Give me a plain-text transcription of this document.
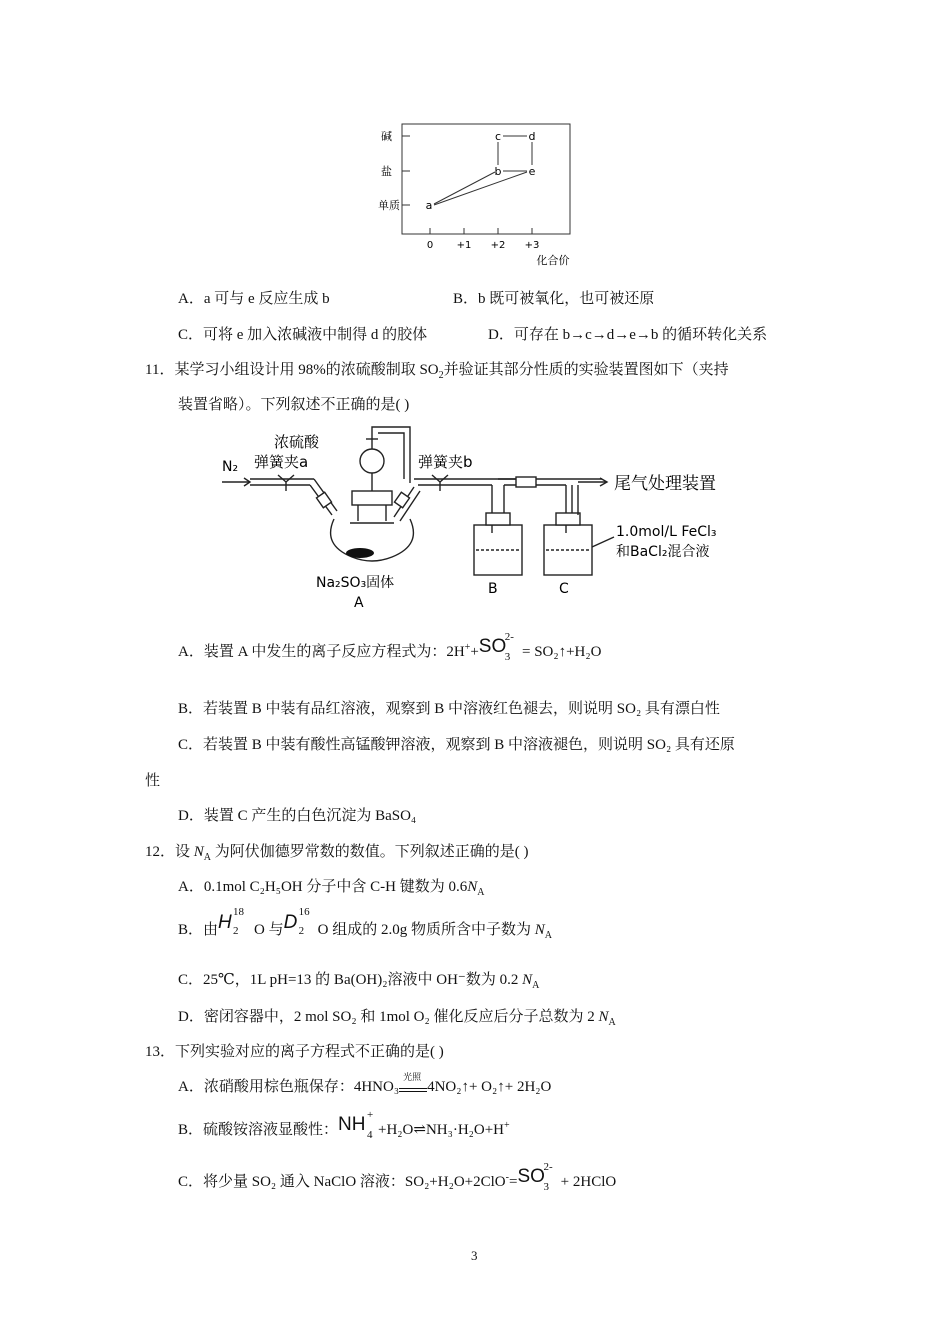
碱
盐
单质
0 +1 +2 +3
化合价
a
b
c d
e
A．a 可与 e 反应生成 b	B．b 既可被氧化，也可被还原
C．可将 e 加入浓碱液中制得 d 的胶体	D．可存在 b→c→d→e→b 的循环转化关系
11．某学习小组设计用 98%的浓硫酸制取 $SO_2$并验证其部分性质的实验装置图如下（夹持
装置省略）。下列叙述不正确的是( )
N₂
浓硫酸
弹簧夹a	弹簧夹b
尾气处理装置
Na₂SO₃固体
A
B	C
1.0mol/L FeCl₃
和BaCl₂混合液
A．装置 A 中发生的离子反应方程式为：2H++SO
3
2-
= SO₂↑+H₂O
B．若装置 B 中装有品红溶液，观察到 B 中溶液红色褪去，则说明 SO₂ 具有漂白性
C．若装置 B 中装有酸性高锰酸钾溶液，观察到 B 中溶液褪色，则说明 SO₂ 具有还原
性
D．装置 C 产生的白色沉淀为 BaSO₄
12．设 $N_A$ 为阿伏伽德罗常数的数值。下列叙述正确的是( )
A．0.1mol C₂H₅OH 分子中含 C-H 键数为 $0.6N_A$
B．由H 18
2 O 与D 16
2 O 组成的 2.0g 物质所含中子数为 $N_A$
C．25℃，1L pH=13 的 Ba(OH)₂溶液中 OH⁻数为 0.2 $N_A$
D．密闭容器中，2 mol SO₂ 和 1mol O₂ 催化反应后分子总数为 2 $N_A$
13．下列实验对应的离子方程式不正确的是( )
A．浓硝酸用棕色瓶保存：4HNO₃
光照
4NO₂↑+ O₂↑+ 2H₂O
B．硫酸铵溶液显酸性：NH +
4 +H₂O⇌NH₃·H₂O+H+
C．将少量 SO₂ 通入 NaClO 溶液：SO₂+H₂O+2ClO-=SO
3
2-
+ 2HClO
3
